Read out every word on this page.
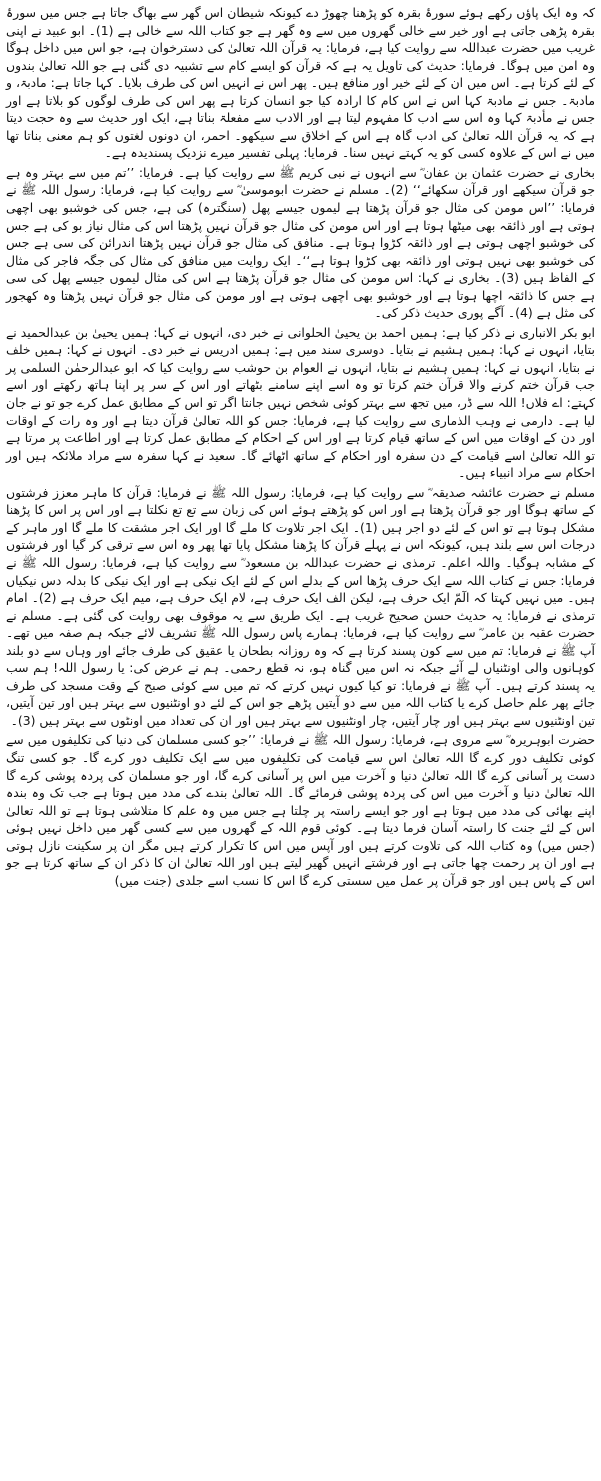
کہ وہ ایک پاؤں رکھے ہوئے سورۂ بقرہ کو پڑھنا چھوڑ دے کیونکہ شیطان اس گھر سے بھاگ جاتا ہے جس میں سورۂ بقرہ پڑھی جاتی ہے اور خیر سے خالی گھروں میں سے وہ گھر ہے جو کتاب اللہ سے خالی ہے (1)۔ ابو عبید نے اپنی غریب میں حضرت عبداللہ سے روایت کیا ہے، فرمایا: یہ قرآن اللہ تعالیٰ کی دسترخوان ہے، جو اس میں داخل ہوگا وہ امن میں ہوگا۔ فرمایا: حدیث کی تاویل یہ ہے کہ قرآن کو ایسے کام سے تشبیہ دی گئی ہے جو اللہ تعالیٰ بندوں کے لئے کرتا ہے۔ اس میں ان کے لئے خیر اور منافع ہیں۔ پھر اس نے انہیں اس کی طرف بلایا۔ کہا جاتا ہے: مادبۃ، و مادبۃ۔ جس نے مادبۃ کہا اس نے اس کام کا ارادہ کیا جو انسان کرتا ہے پھر اس کی طرف لوگوں کو بلاتا ہے اور جس نے مأدبۃ کہا وہ اس سے ادب کا مفہوم لیتا ہے اور الادب سے مفعلۃ بناتا ہے، ایک اور حدیث سے وہ حجت دیتا ہے کہ یہ قرآن اللہ تعالیٰ کی ادب گاہ ہے اس کے اخلاق سے سیکھو۔ احمر، ان دونوں لغتوں کو ہم معنی بناتا تھا میں نے اس کے علاوہ کسی کو یہ کہتے نہیں سنا۔ فرمایا: پہلی تفسیر میرے نزدیک پسندیدہ ہے۔

بخاری نے حضرت عثمان بن عفان ؓ سے انہوں نے نبی کریم ﷺ سے روایت کیا ہے۔ فرمایا: ’’تم میں سے بہتر وہ ہے جو قرآن سیکھے اور قرآن سکھائے‘‘ (2)۔ مسلم نے حضرت ابوموسیٰ ؓ سے روایت کیا ہے، فرمایا: رسول اللہ ﷺ نے فرمایا: ’’اس مومن کی مثال جو قرآن پڑھتا ہے لیموں جیسے پھل (سنگترہ) کی ہے، جس کی خوشبو بھی اچھی ہوتی ہے اور ذائقہ بھی میٹھا ہوتا ہے اور اس مومن کی مثال جو قرآن نہیں پڑھتا اس کی مثال نیاز بو کی ہے جس کی خوشبو اچھی ہوتی ہے اور ذائقہ کڑوا ہوتا ہے۔ منافق کی مثال جو قرآن نہیں پڑھتا اندرائن کی سی ہے جس کی خوشبو بھی نہیں ہوتی اور ذائقہ بھی کڑوا ہوتا ہے‘‘۔ ایک روایت میں منافق کی مثال کی جگہ فاجر کی مثال کے الفاظ ہیں (3)۔ بخاری نے کہا: اس مومن کی مثال جو قرآن پڑھتا ہے اس کی مثال لیموں جیسے پھل کی سی ہے جس کا ذائقہ اچھا ہوتا ہے اور خوشبو بھی اچھی ہوتی ہے اور مومن کی مثال جو قرآن نہیں پڑھتا وہ کھجور کی مثل ہے (4)۔ آگے پوری حدیث ذکر کی۔

ابو بکر الانباری نے ذکر کیا ہے: ہمیں احمد بن یحییٰ الحلوانی نے خبر دی، انہوں نے کہا: ہمیں یحییٰ بن عبدالحمید نے بتایا، انہوں نے کہا: ہمیں ہشیم نے بتایا۔ دوسری سند میں ہے: ہمیں ادریس نے خبر دی۔ انہوں نے کہا: ہمیں خلف نے بتایا، انہوں نے کہا: ہمیں ہشیم نے بتایا، انہوں نے العوام بن حوشب سے روایت کیا کہ ابو عبدالرحمٰن السلمی پر جب قرآن ختم کرنے والا قرآن ختم کرتا تو وہ اسے اپنے سامنے بٹھاتے اور اس کے سر پر اپنا ہاتھ رکھتے اور اسے کہتے: اے فلاں! اللہ سے ڈر، میں تجھ سے بہتر کوئی شخص نہیں جانتا اگر تو اس کے مطابق عمل کرے جو تو نے جان لیا ہے۔ دارمی نے وہب الذماری سے روایت کیا ہے، فرمایا: جس کو اللہ تعالیٰ قرآن دیتا ہے اور وہ رات کے اوقات اور دن کے اوقات میں اس کے ساتھ قیام کرتا ہے اور اس کے احکام کے مطابق عمل کرتا ہے اور اطاعت پر مرتا ہے تو اللہ تعالیٰ اسے قیامت کے دن سفرہ اور احکام کے ساتھ اٹھائے گا۔ سعید نے کہا سفرہ سے مراد ملائکہ ہیں اور احکام سے مراد انبیاء ہیں۔

مسلم نے حضرت عائشہ صدیقہ ؓ سے روایت کیا ہے، فرمایا: رسول اللہ ﷺ نے فرمایا: قرآن کا ماہر معزز فرشتوں کے ساتھ ہوگا اور جو قرآن پڑھتا ہے اور اس کو پڑھتے ہوئے اس کی زبان سے تع تع نکلتا ہے اور اس پر اس کا پڑھنا مشکل ہوتا ہے تو اس کے لئے دو اجر ہیں (1)۔ ایک اجر تلاوت کا ملے گا اور ایک اجر مشقت کا ملے گا اور ماہر کے درجات اس سے بلند ہیں، کیونکہ اس نے پہلے قرآن کا پڑھنا مشکل پایا تھا پھر وہ اس سے ترقی کر گیا اور فرشتوں کے مشابہ ہوگیا۔ واللہ اعلم۔ ترمذی نے حضرت عبداللہ بن مسعود ؓ سے روایت کیا ہے، فرمایا: رسول اللہ ﷺ نے فرمایا: جس نے کتاب اللہ سے ایک حرف پڑھا اس کے بدلے اس کے لئے ایک نیکی ہے اور ایک نیکی کا بدلہ دس نیکیاں ہیں۔ میں نہیں کہتا کہ الٓمّ ایک حرف ہے، لیکن الف ایک حرف ہے، لام ایک حرف ہے، میم ایک حرف ہے (2)۔ امام ترمذی نے فرمایا: یہ حدیث حسن صحیح غریب ہے۔ ایک طریق سے یہ موقوف بھی روایت کی گئی ہے۔ مسلم نے حضرت عقبہ بن عامر ؓ سے روایت کیا ہے، فرمایا: ہمارے پاس رسول اللہ ﷺ تشریف لائے جبکہ ہم صفہ میں تھے۔ آپ ﷺ نے فرمایا: تم میں سے کون پسند کرتا ہے کہ وہ روزانہ بطحان یا عقیق کی طرف جائے اور وہاں سے دو بلند کوہانوں والی اونٹنیاں لے آئے جبکہ نہ اس میں گناہ ہو، نہ قطع رحمی۔ ہم نے عرض کی: یا رسول اللہ! ہم سب یہ پسند کرتے ہیں۔ آپ ﷺ نے فرمایا: تو کیا کیوں نہیں کرتے کہ تم میں سے کوئی صبح کے وقت مسجد کی طرف جائے پھر علم حاصل کرے یا کتاب اللہ میں سے دو آیتیں پڑھے جو اس کے لئے دو اونٹنیوں سے بہتر ہیں اور تین آیتیں، تین اونٹنیوں سے بہتر ہیں اور چار آیتیں، چار اونٹنیوں سے بہتر ہیں اور ان کی تعداد میں اونٹوں سے بہتر ہیں (3)۔

حضرت ابوہریرہ ؓ سے مروی ہے، فرمایا: رسول اللہ ﷺ نے فرمایا: ’’جو کسی مسلمان کی دنیا کی تکلیفوں میں سے کوئی تکلیف دور کرے گا اللہ تعالیٰ اس سے قیامت کی تکلیفوں میں سے ایک تکلیف دور کرے گا۔ جو کسی تنگ دست پر آسانی کرے گا اللہ تعالیٰ دنیا و آخرت میں اس پر آسانی کرے گا، اور جو مسلمان کی پردہ پوشی کرے گا اللہ تعالیٰ دنیا و آخرت میں اس کی پردہ پوشی فرمائے گا۔ اللہ تعالیٰ بندے کی مدد میں ہوتا ہے جب تک وہ بندہ اپنے بھائی کی مدد میں ہوتا ہے اور جو ایسے راستہ پر چلتا ہے جس میں وہ علم کا متلاشی ہوتا ہے تو اللہ تعالیٰ اس کے لئے جنت کا راستہ آسان فرما دیتا ہے۔ کوئی قوم اللہ کے گھروں میں سے کسی گھر میں داخل نہیں ہوئی (جس میں) وہ کتاب اللہ کی تلاوت کرتے ہیں اور آپس میں اس کا تکرار کرتے ہیں مگر ان پر سکینت نازل ہوتی ہے اور ان پر رحمت چھا جاتی ہے اور فرشتے انہیں گھیر لیتے ہیں اور اللہ تعالیٰ ان کا ذکر ان کے ساتھ کرتا ہے جو اس کے پاس ہیں اور جو قرآن پر عمل میں سستی کرے گا اس کا نسب اسے جلدی (جنت میں)
